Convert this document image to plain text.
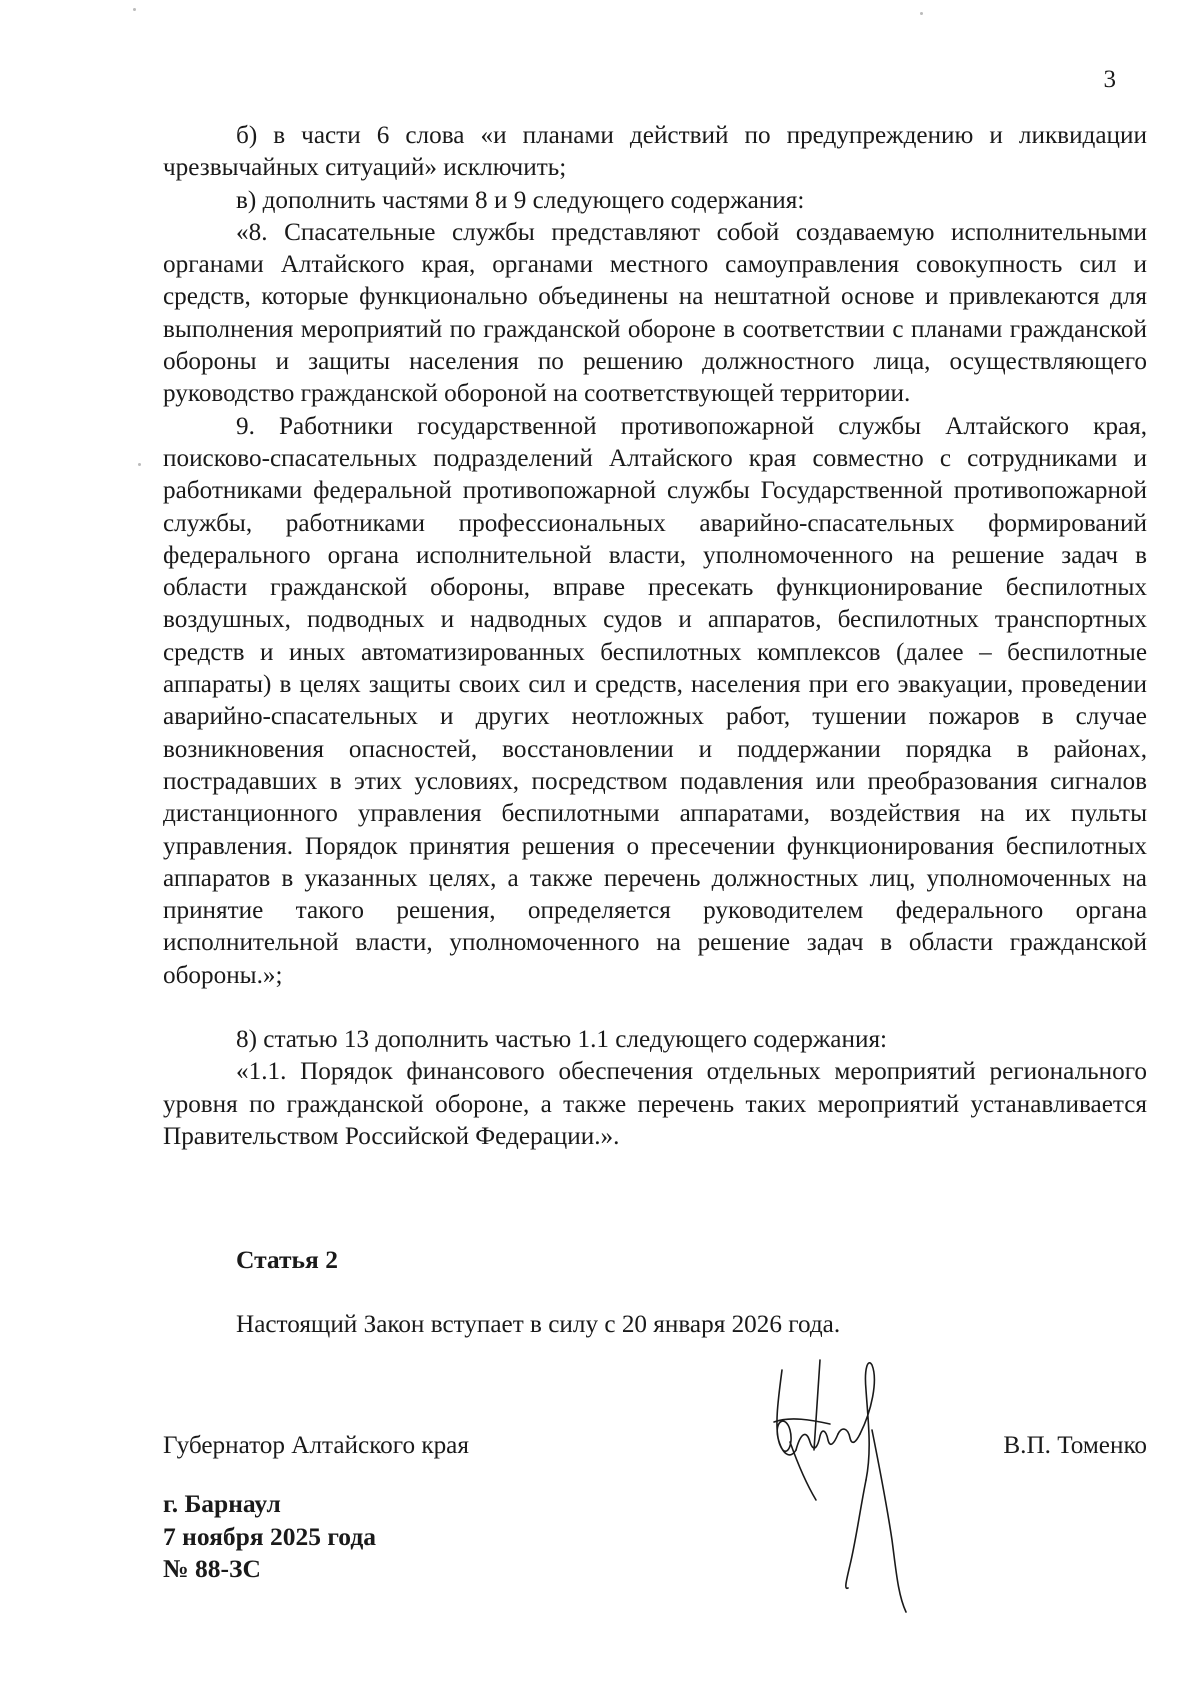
3

б) в части 6 слова «и планами действий по предупреждению и ликвидации чрезвычайных ситуаций» исключить;

в) дополнить частями 8 и 9 следующего содержания:

«8. Спасательные службы представляют собой создаваемую исполнительными органами Алтайского края, органами местного самоуправления совокупность сил и средств, которые функционально объединены на нештатной основе и привлекаются для выполнения мероприятий по гражданской обороне в соответствии с планами гражданской обороны и защиты населения по решению должностного лица, осуществляющего руководство гражданской обороной на соответствующей территории.

9. Работники государственной противопожарной службы Алтайского края, поисково-спасательных подразделений Алтайского края совместно с сотрудниками и работниками федеральной противопожарной службы Государственной противопожарной службы, работниками профессиональных аварийно-спасательных формирований федерального органа исполнительной власти, уполномоченного на решение задач в области гражданской обороны, вправе пресекать функционирование беспилотных воздушных, подводных и надводных судов и аппаратов, беспилотных транспортных средств и иных автоматизированных беспилотных комплексов (далее – беспилотные аппараты) в целях защиты своих сил и средств, населения при его эвакуации, проведении аварийно-спасательных и других неотложных работ, тушении пожаров в случае возникновения опасностей, восстановлении и поддержании порядка в районах, пострадавших в этих условиях, посредством подавления или преобразования сигналов дистанционного управления беспилотными аппаратами, воздействия на их пульты управления. Порядок принятия решения о пресечении функционирования беспилотных аппаратов в указанных целях, а также перечень должностных лиц, уполномоченных на принятие такого решения, определяется руководителем федерального органа исполнительной власти, уполномоченного на решение задач в области гражданской обороны.»;

8) статью 13 дополнить частью 1.1 следующего содержания:

«1.1. Порядок финансового обеспечения отдельных мероприятий регионального уровня по гражданской обороне, а также перечень таких мероприятий устанавливается Правительством Российской Федерации.».

Статья 2
Настоящий Закон вступает в силу с 20 января 2026 года.
Губернатор Алтайского края	В.П. Томенко
г. Барнаул
7 ноября 2025 года
№ 88-ЗС
